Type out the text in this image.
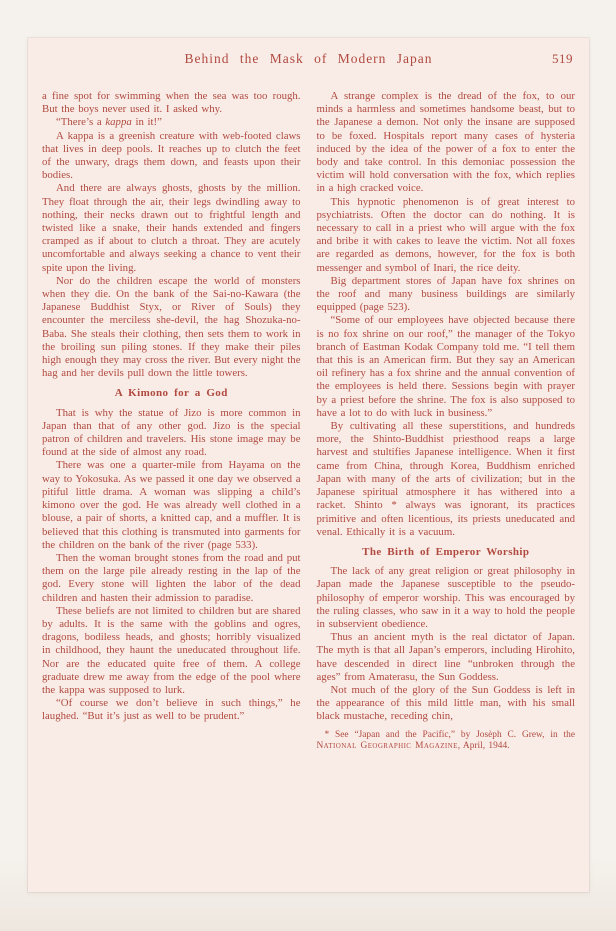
Behind the Mask of Modern Japan	519

a fine spot for swimming when the sea was too rough. But the boys never used it. I asked why.

“There’s a kappa in it!”

A kappa is a greenish creature with web-footed claws that lives in deep pools. It reaches up to clutch the feet of the unwary, drags them down, and feasts upon their bodies.

And there are always ghosts, ghosts by the million. They float through the air, their legs dwindling away to nothing, their necks drawn out to frightful length and twisted like a snake, their hands extended and fingers cramped as if about to clutch a throat. They are acutely uncomfortable and always seeking a chance to vent their spite upon the living.

Nor do the children escape the world of monsters when they die. On the bank of the Sai-no-Kawara (the Japanese Buddhist Styx, or River of Souls) they encounter the merciless she-devil, the hag Shozuka-no-Baba. She steals their clothing, then sets them to work in the broiling sun piling stones. If they make their piles high enough they may cross the river. But every night the hag and her devils pull down the little towers.

A Kimono for a God

That is why the statue of Jizo is more common in Japan than that of any other god. Jizo is the special patron of children and travelers. His stone image may be found at the side of almost any road.

There was one a quarter-mile from Hayama on the way to Yokosuka. As we passed it one day we observed a pitiful little drama. A woman was slipping a child’s kimono over the god. He was already well clothed in a blouse, a pair of shorts, a knitted cap, and a muffler. It is believed that this clothing is transmuted into garments for the children on the bank of the river (page 533).

Then the woman brought stones from the road and put them on the large pile already resting in the lap of the god. Every stone will lighten the labor of the dead children and hasten their admission to paradise.

These beliefs are not limited to children but are shared by adults. It is the same with the goblins and ogres, dragons, bodiless heads, and ghosts; horribly visualized in childhood, they haunt the uneducated throughout life. Nor are the educated quite free of them. A college graduate drew me away from the edge of the pool where the kappa was supposed to lurk.

“Of course we don’t believe in such things,” he laughed. “But it’s just as well to be prudent.”

A strange complex is the dread of the fox, to our minds a harmless and sometimes handsome beast, but to the Japanese a demon. Not only the insane are supposed to be foxed. Hospitals report many cases of hysteria induced by the idea of the power of a fox to enter the body and take control. In this demoniac possession the victim will hold conversation with the fox, which replies in a high cracked voice.

This hypnotic phenomenon is of great interest to psychiatrists. Often the doctor can do nothing. It is necessary to call in a priest who will argue with the fox and bribe it with cakes to leave the victim. Not all foxes are regarded as demons, however, for the fox is both messenger and symbol of Inari, the rice deity.

Big department stores of Japan have fox shrines on the roof and many business buildings are similarly equipped (page 523).

“Some of our employees have objected because there is no fox shrine on our roof,” the manager of the Tokyo branch of Eastman Kodak Company told me. “I tell them that this is an American firm. But they say an American oil refinery has a fox shrine and the annual convention of the employees is held there. Sessions begin with prayer by a priest before the shrine. The fox is also supposed to have a lot to do with luck in business.”

By cultivating all these superstitions, and hundreds more, the Shinto-Buddhist priesthood reaps a large harvest and stultifies Japanese intelligence. When it first came from China, through Korea, Buddhism enriched Japan with many of the arts of civilization; but in the Japanese spiritual atmosphere it has withered into a racket. Shinto * always was ignorant, its practices primitive and often licentious, its priests uneducated and venal. Ethically it is a vacuum.

The Birth of Emperor Worship

The lack of any great religion or great philosophy in Japan made the Japanese susceptible to the pseudo-philosophy of emperor worship. This was encouraged by the ruling classes, who saw in it a way to hold the people in subservient obedience.

Thus an ancient myth is the real dictator of Japan. The myth is that all Japan’s emperors, including Hirohito, have descended in direct line “unbroken through the ages” from Amaterasu, the Sun Goddess.

Not much of the glory of the Sun Goddess is left in the appearance of this mild little man, with his small black mustache, receding chin,

* See “Japan and the Pacific,” by Josèph C. Grew, in the National Geographic Magazine, April, 1944.
